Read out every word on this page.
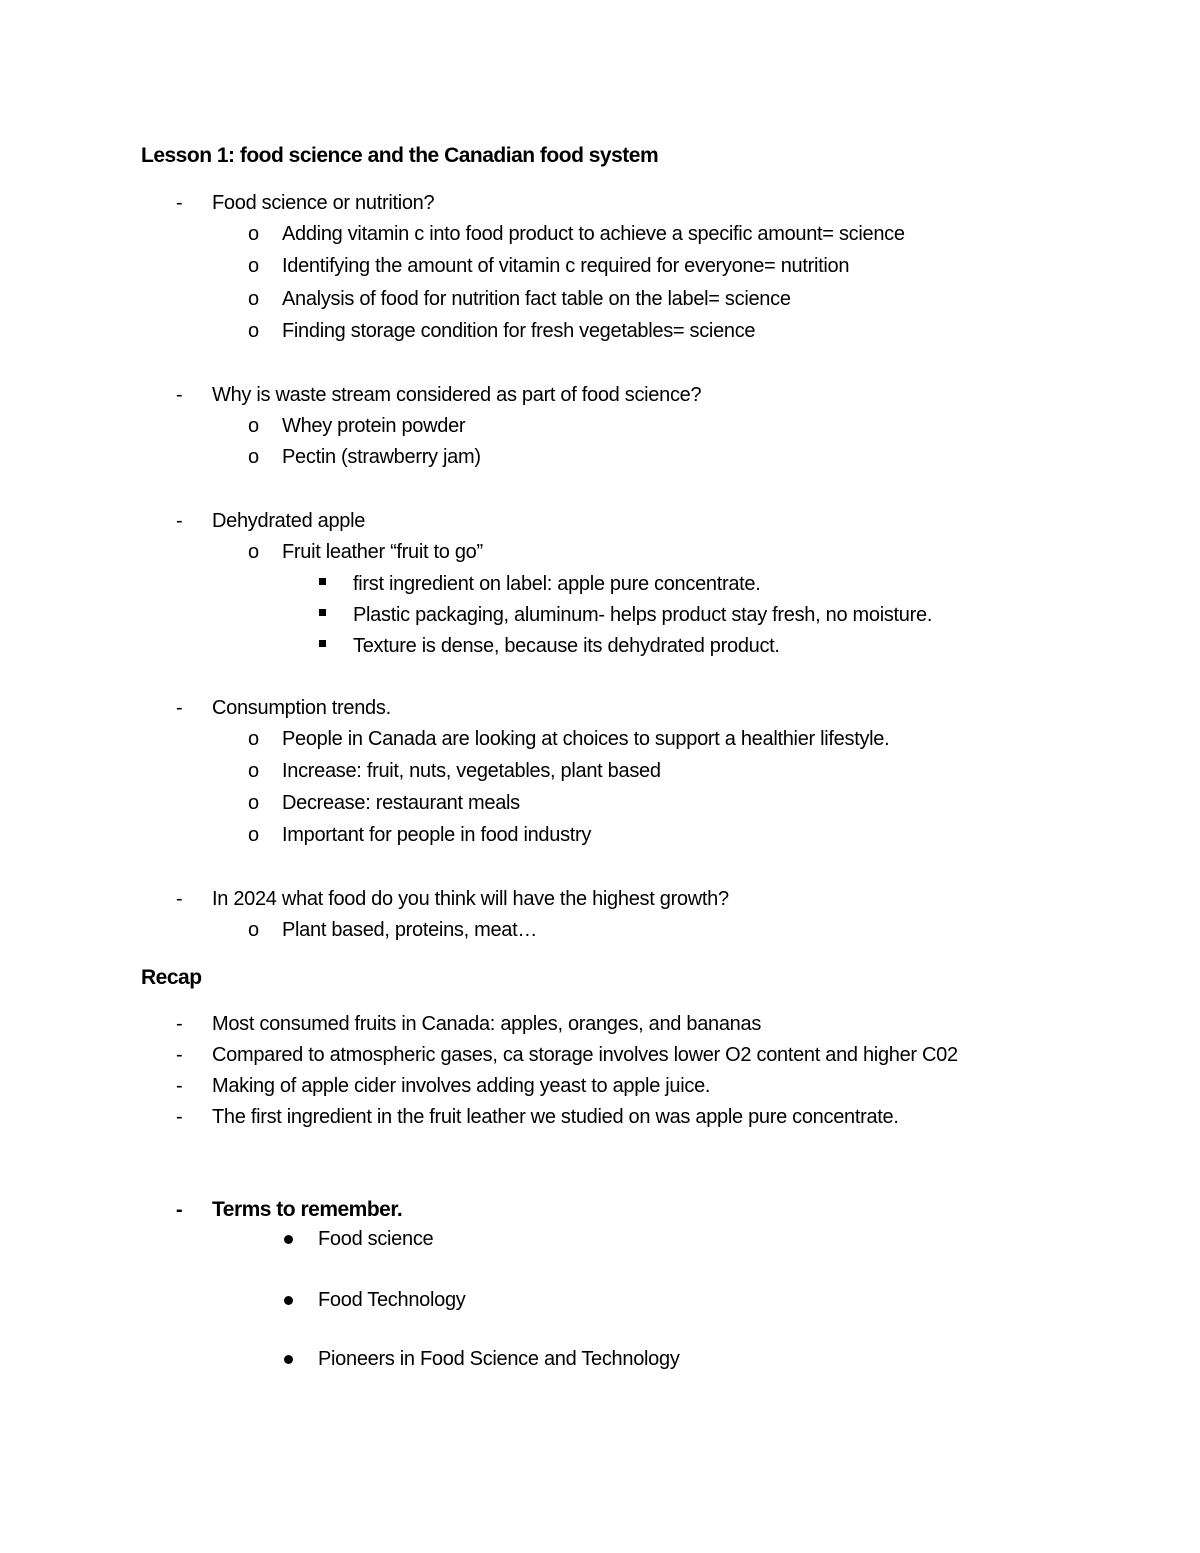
Lesson 1: food science and the Canadian food system
- Food science or nutrition?
o Adding vitamin c into food product to achieve a specific amount= science
o Identifying the amount of vitamin c required for everyone= nutrition
o Analysis of food for nutrition fact table on the label= science
o Finding storage condition for fresh vegetables= science
- Why is waste stream considered as part of food science?
o Whey protein powder
o Pectin (strawberry jam)
- Dehydrated apple
o Fruit leather “fruit to go”
first ingredient on label: apple pure concentrate.
Plastic packaging, aluminum- helps product stay fresh, no moisture.
Texture is dense, because its dehydrated product.
- Consumption trends.
o People in Canada are looking at choices to support a healthier lifestyle.
o Increase: fruit, nuts, vegetables, plant based
o Decrease: restaurant meals
o Important for people in food industry
- In 2024 what food do you think will have the highest growth?
o Plant based, proteins, meat…
Recap
- Most consumed fruits in Canada: apples, oranges, and bananas
- Compared to atmospheric gases, ca storage involves lower O2 content and higher C02
- Making of apple cider involves adding yeast to apple juice.
- The first ingredient in the fruit leather we studied on was apple pure concentrate.
- Terms to remember.
Food science
Food Technology
Pioneers in Food Science and Technology
